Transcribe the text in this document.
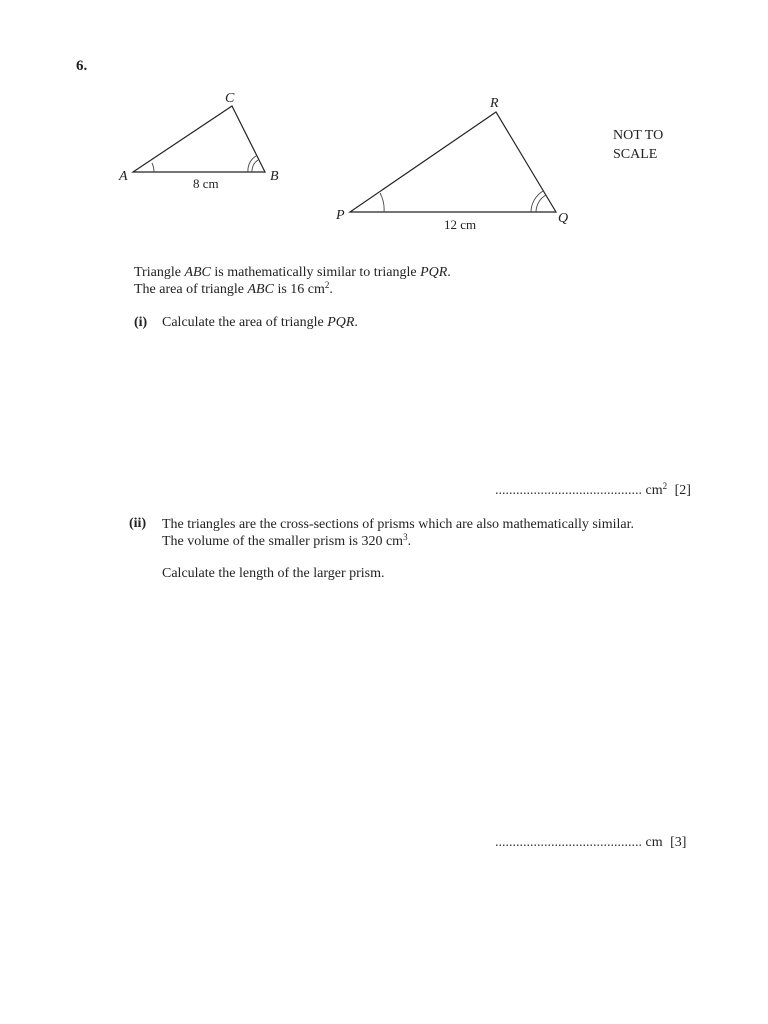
6.
C
A	B
8 cm
R
P	Q
12 cm
NOT TO
SCALE
Triangle ABC is mathematically similar to triangle PQR.
The area of triangle ABC is 16 $cm^2$.
(i) Calculate the area of triangle PQR.
.......................................... $cm^2$ [2]
(ii) The triangles are the cross-sections of prisms which are also mathematically similar.
The volume of the smaller prism is 320 $cm^3$.
Calculate the length of the larger prism.
.......................................... cm [3]
